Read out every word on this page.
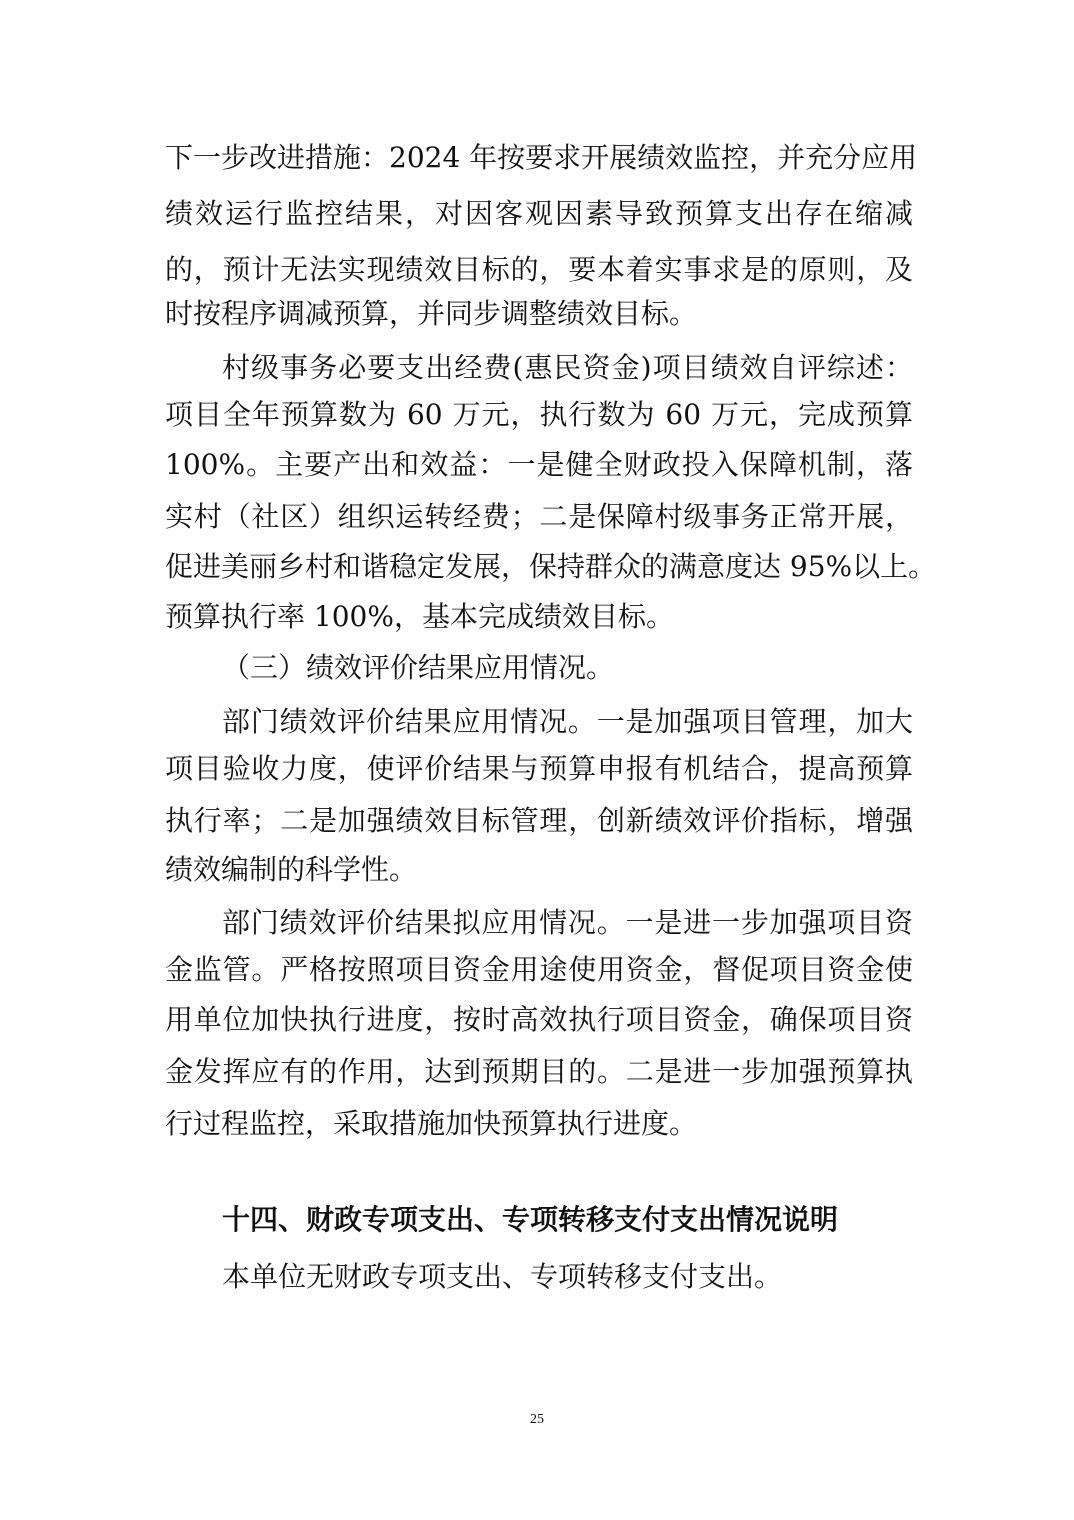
下一步改进措施：2024 年按要求开展绩效监控，并充分应用
绩效运行监控结果，对因客观因素导致预算支出存在缩减
的，预计无法实现绩效目标的，要本着实事求是的原则，及
时按程序调减预算，并同步调整绩效目标。
村级事务必要支出经费(惠民资金)项目绩效自评综述：
项目全年预算数为 60 万元，执行数为 60 万元，完成预算
100%。主要产出和效益：一是健全财政投入保障机制，落
实村（社区）组织运转经费；二是保障村级事务正常开展，
促进美丽乡村和谐稳定发展，保持群众的满意度达 95%以上。
预算执行率 100%，基本完成绩效目标。
（三）绩效评价结果应用情况。
部门绩效评价结果应用情况。一是加强项目管理，加大
项目验收力度，使评价结果与预算申报有机结合，提高预算
执行率；二是加强绩效目标管理，创新绩效评价指标，增强
绩效编制的科学性。
部门绩效评价结果拟应用情况。一是进一步加强项目资
金监管。严格按照项目资金用途使用资金，督促项目资金使
用单位加快执行进度，按时高效执行项目资金，确保项目资
金发挥应有的作用，达到预期目的。二是进一步加强预算执
行过程监控，采取措施加快预算执行进度。
十四、财政专项支出、专项转移支付支出情况说明
本单位无财政专项支出、专项转移支付支出。
25
